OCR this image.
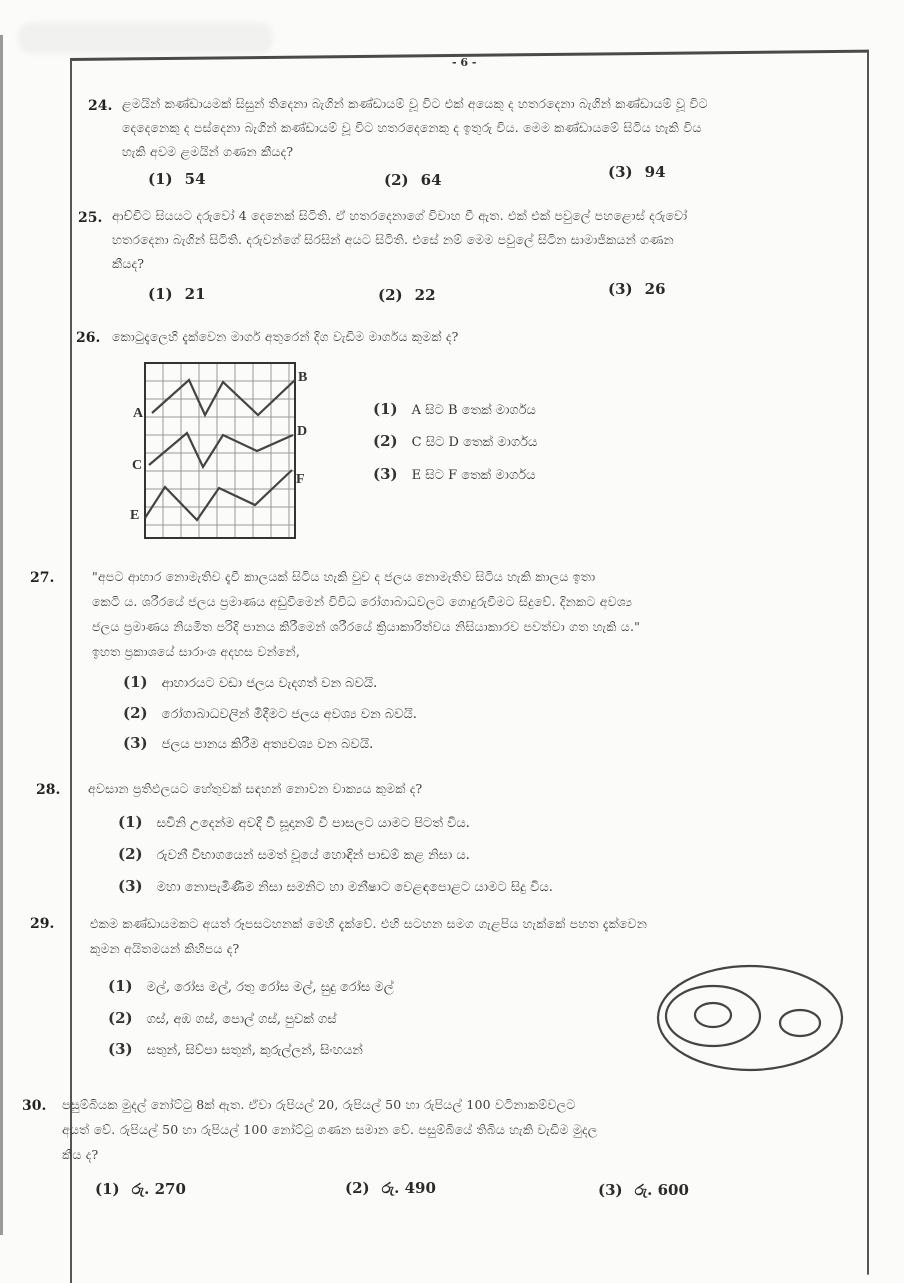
- 6 -
24. ළමයින් කණ්ඩායමක් සිසුන් තිදෙනා බැගින් කණ්ඩායම් වූ විට එක් අයෙකු ද හතරදෙනා බැගින් කණ්ඩායම් වූ විට
දෙදෙනෙකු ද පස්දෙනා බැගින් කණ්ඩායම් වූ විට හතරදෙනෙකු ද ඉතුරු විය. මෙම කණ්ඩායමේ සිටිය හැකි විය
හැකි අවම ළමයින් ගණන කීයද?
(1) 54	(2) 64	(3) 94
25. ආච්චිට සියයට දරුවෝ 4 දෙනෙක් සිටිති. ඒ හතරදෙනාගේ විවාහ වී ඇත. එක් එක් පවුලේ පහළොස් දරුවෝ
හතරදෙනා බැගින් සිටිති. දරුවන්ගේ සිරසින් අයට සිටිති. එසේ නම් මෙම පවුලේ සිටින සාමාජිකයන් ගණන
කීයද?
(1) 21	(2) 22	(3) 26
26. කොටුදැලෙහි දැක්වෙන මාර්ග අතුරෙන් දිග වැඩිම මාර්ගය කුමක් ද?
A
B
C
D
E
F
(1) A සිට B තෙක් මාර්ගය
(2) C සිට D තෙක් මාර්ගය
(3) E සිට F තෙක් මාර්ගය
27.	"අපට ආහාර නොමැතිව දැවී කාලයක් සිටිය හැකි වුව ද ජලය නොමැතිව සිටිය හැකි කාලය ඉතා
කෙටි ය. ශරීරයේ ජලය ප්‍රමාණය අඩුවීමෙන් විවිධ රෝගාබාධවලට ගොදුරුවීමට සිදුවේ. දිනකට අවශ්‍ය
ජලය ප්‍රමාණය නියමිත පරිදි පානය කිරීමෙන් ශරීරයේ ක්‍රියාකාරිත්වය නිසියාකාරව පවත්වා ගත හැකි ය."
ඉහත ප්‍රකාශයේ සාරාංශ අදහස වන්නේ,
(1) ආහාරයට වඩා ජලය වැදගත් වන බවයි.
(2) රෝගාබාධවලින් මිදීමට ජලය අවශ්‍ය වන බවයි.
(3) ජලය පානය කිරීම අත්‍යවශ්‍ය වන බවයි.
28. අවසාන ප්‍රතිඵලයට හේතුවක් සඳහන් නොවන වාක්‍යය කුමක් ද?
(1) සවිනි උදෙන්ම අවදි වී සූදානම් වී පාසලට යාමට පිටත් විය.
(2) රුවනී විභාගයෙන් සමත් වූයේ හොඳින් පාඩම් කළ නිසා ය.
(3) මහා නොපැමිණීම නිසා සමනිට හා මනීෂාට වෙළඳපොළට යාමට සිදු විය.
29.	එකම කණ්ඩායමකට අයත් රූපසටහනක් මෙහි දැක්වේ. එහි සටහන සමග ගැළපිය හැක්කේ පහත දැක්වෙන
කුමන අයිතමයන් කිහිපය ද?
(1) මල්, රෝස මල්, රතු රෝස මල්, සුදු රෝස මල්
(2) ගස්, අඹ ගස්, පොල් ගස්, පුවක් ගස්
(3) සතුන්, සිව්පා සතුන්, කුරුල්ලන්, සිංහයන්
30. පසුම්බියක මුදල් නෝට්ටු 8ක් ඇත. ඒවා රුපියල් 20, රුපියල් 50 හා රුපියල් 100 වටිනාකම්වලට
අයත් වේ. රුපියල් 50 හා රුපියල් 100 නෝට්ටු ගණන සමාන වේ. පසුම්බියේ තිබිය හැකි වැඩිම මුදල
කීය ද?
(1) රු. 270	(2) රු. 490	(3) රු. 600
